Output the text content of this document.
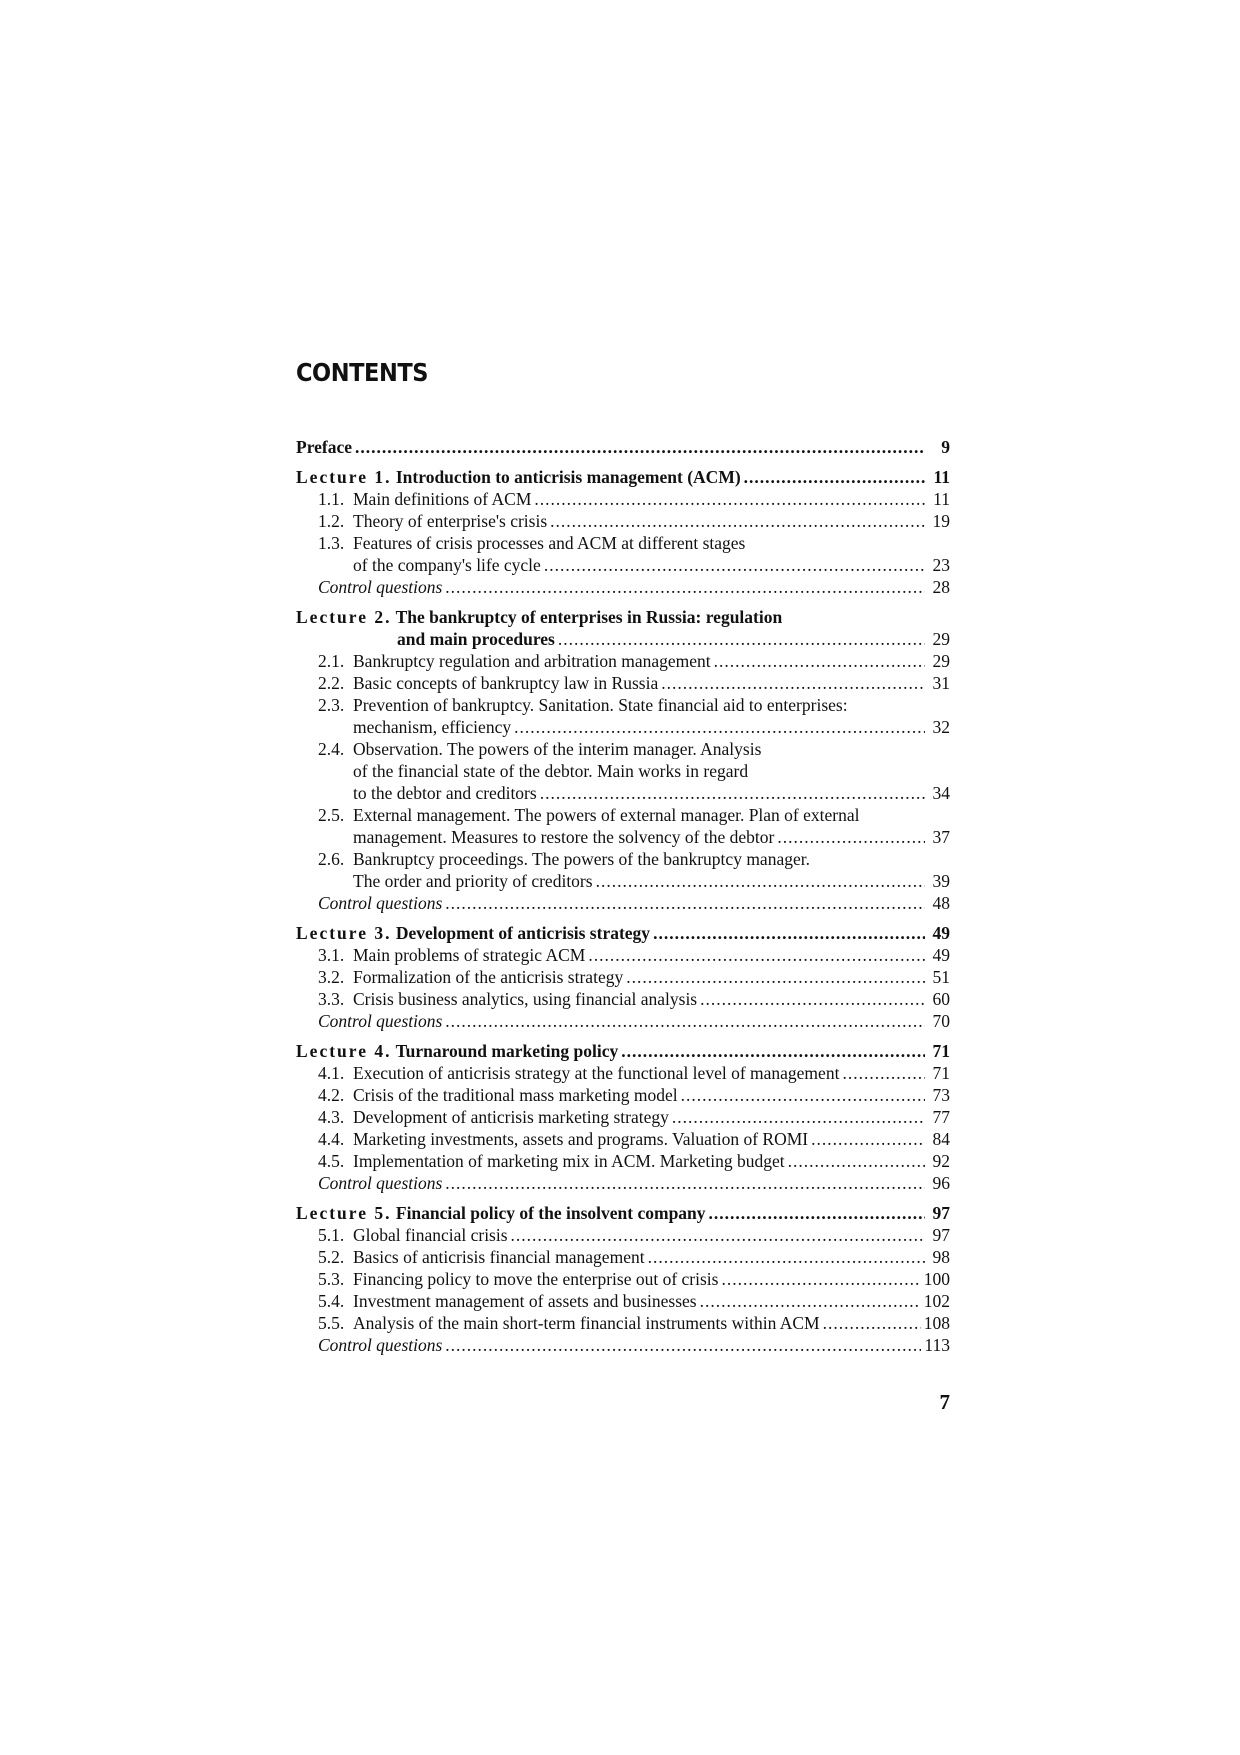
CONTENTS
Preface .....	9
Lecture 1. Introduction to anticrisis management (ACM) .....	11
1.1. Main definitions of ACM .....	11
1.2. Theory of enterprise's crisis .....	19
1.3. Features of crisis processes and ACM at different stages
of the company's life cycle .....	23
Control questions .....	28
Lecture 2. The bankruptcy of enterprises in Russia: regulation
and main procedures .....	29
2.1. Bankruptcy regulation and arbitration management .....	29
2.2. Basic concepts of bankruptcy law in Russia .....	31
2.3. Prevention of bankruptcy. Sanitation. State financial aid to enterprises:
mechanism, efficiency .....	32
2.4. Observation. The powers of the interim manager. Analysis
of the financial state of the debtor. Main works in regard
to the debtor and creditors .....	34
2.5. External management. The powers of external manager. Plan of external
management. Measures to restore the solvency of the debtor .....	37
2.6. Bankruptcy proceedings. The powers of the bankruptcy manager.
The order and priority of creditors .....	39
Control questions .....	48
Lecture 3. Development of anticrisis strategy .....	49
3.1. Main problems of strategic ACM .....	49
3.2. Formalization of the anticrisis strategy .....	51
3.3. Crisis business analytics, using financial analysis .....	60
Control questions .....	70
Lecture 4. Turnaround marketing policy .....	71
4.1. Execution of anticrisis strategy at the functional level of management .....	71
4.2. Crisis of the traditional mass marketing model .....	73
4.3. Development of anticrisis marketing strategy .....	77
4.4. Marketing investments, assets and programs. Valuation of ROMI .....	84
4.5. Implementation of marketing mix in ACM. Marketing budget .....	92
Control questions .....	96
Lecture 5. Financial policy of the insolvent company .....	97
5.1. Global financial crisis .....	97
5.2. Basics of anticrisis financial management .....	98
5.3. Financing policy to move the enterprise out of crisis .....	100
5.4. Investment management of assets and businesses .....	102
5.5. Analysis of the main short-term financial instruments within ACM .....	108
Control questions .....	113
7
